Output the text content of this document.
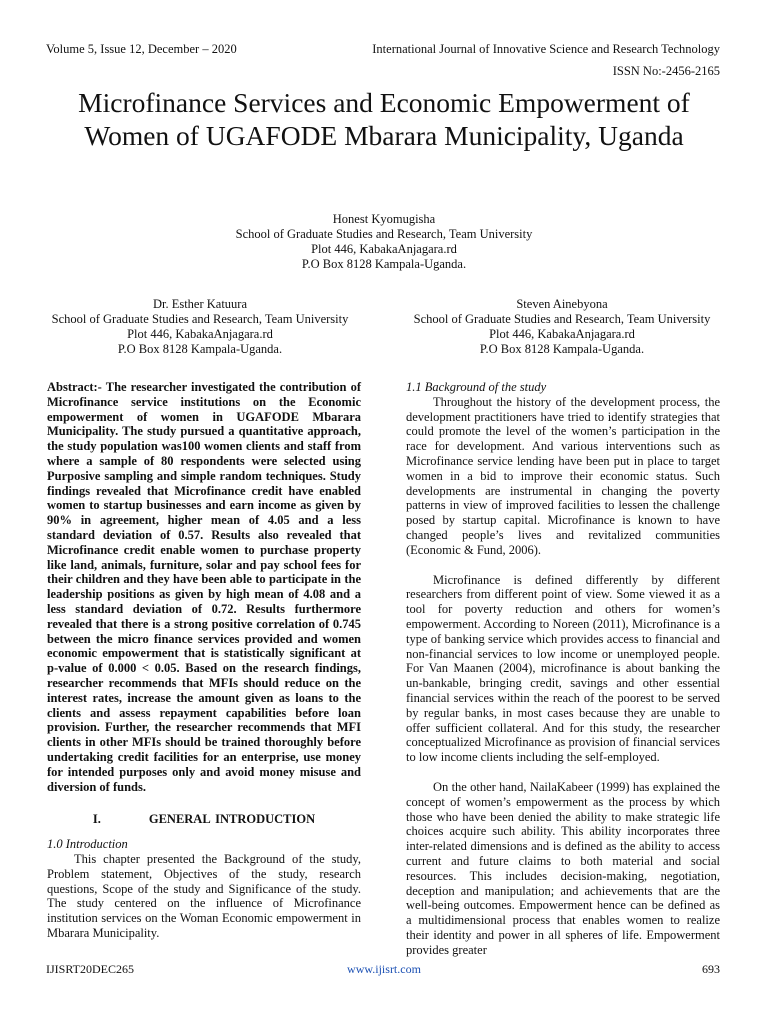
Volume 5, Issue 12, December – 2020	International Journal of Innovative Science and Research Technology
ISSN No:-2456-2165
Microfinance Services and Economic Empowerment of Women of UGAFODE Mbarara Municipality, Uganda
Honest Kyomugisha
School of Graduate Studies and Research, Team University
Plot 446, KabakaAnjagara.rd
P.O Box 8128 Kampala-Uganda.
Dr. Esther Katuura
School of Graduate Studies and Research, Team University
Plot 446, KabakaAnjagara.rd
P.O Box 8128 Kampala-Uganda.
Steven Ainebyona
School of Graduate Studies and Research, Team University
Plot 446, KabakaAnjagara.rd
P.O Box 8128 Kampala-Uganda.

Abstract:- The researcher investigated the contribution of Microfinance service institutions on the Economic empowerment of women in UGAFODE Mbarara Municipality. The study pursued a quantitative approach, the study population was100 women clients and staff from where a sample of 80 respondents were selected using Purposive sampling and simple random techniques. Study findings revealed that Microfinance credit have enabled women to startup businesses and earn income as given by 90% in agreement, higher mean of 4.05 and a less standard deviation of 0.57. Results also revealed that Microfinance credit enable women to purchase property like land, animals, furniture, solar and pay school fees for their children and they have been able to participate in the leadership positions as given by high mean of 4.08 and a less standard deviation of 0.72. Results furthermore revealed that there is a strong positive correlation of 0.745 between the micro finance services provided and women economic empowerment that is statistically significant at p-value of 0.000 < 0.05. Based on the research findings, researcher recommends that MFIs should reduce on the interest rates, increase the amount given as loans to the clients and assess repayment capabilities before loan provision. Further, the researcher recommends that MFI clients in other MFIs should be trained thoroughly before undertaking credit facilities for an enterprise, use money for intended purposes only and avoid money misuse and diversion of funds.

I.	GENERAL INTRODUCTION

1.0 Introduction

This chapter presented the Background of the study, Problem statement, Objectives of the study, research questions, Scope of the study and Significance of the study. The study centered on the influence of Microfinance institution services on the Woman Economic empowerment in Mbarara Municipality.

1.1 Background of the study

Throughout the history of the development process, the development practitioners have tried to identify strategies that could promote the level of the women’s participation in the race for development. And various interventions such as Microfinance service lending have been put in place to target women in a bid to improve their economic status. Such developments are instrumental in changing the poverty patterns in view of improved facilities to lessen the challenge posed by startup capital. Microfinance is known to have changed people’s lives and revitalized communities (Economic & Fund, 2006).

Microfinance is defined differently by different researchers from different point of view. Some viewed it as a tool for poverty reduction and others for women’s empowerment. According to Noreen (2011), Microfinance is a type of banking service which provides access to financial and non-financial services to low income or unemployed people. For Van Maanen (2004), microfinance is about banking the un-bankable, bringing credit, savings and other essential financial services within the reach of the poorest to be served by regular banks, in most cases because they are unable to offer sufficient collateral. And for this study, the researcher conceptualized Microfinance as provision of financial services to low income clients including the self-employed.

On the other hand, NailaKabeer (1999) has explained the concept of women’s empowerment as the process by which those who have been denied the ability to make strategic life choices acquire such ability. This ability incorporates three inter-related dimensions and is defined as the ability to access current and future claims to both material and social resources. This includes decision-making, negotiation, deception and manipulation; and achievements that are the well-being outcomes. Empowerment hence can be defined as a multidimensional process that enables women to realize their identity and power in all spheres of life. Empowerment provides greater

IJISRT20DEC265	www.ijisrt.com	693
